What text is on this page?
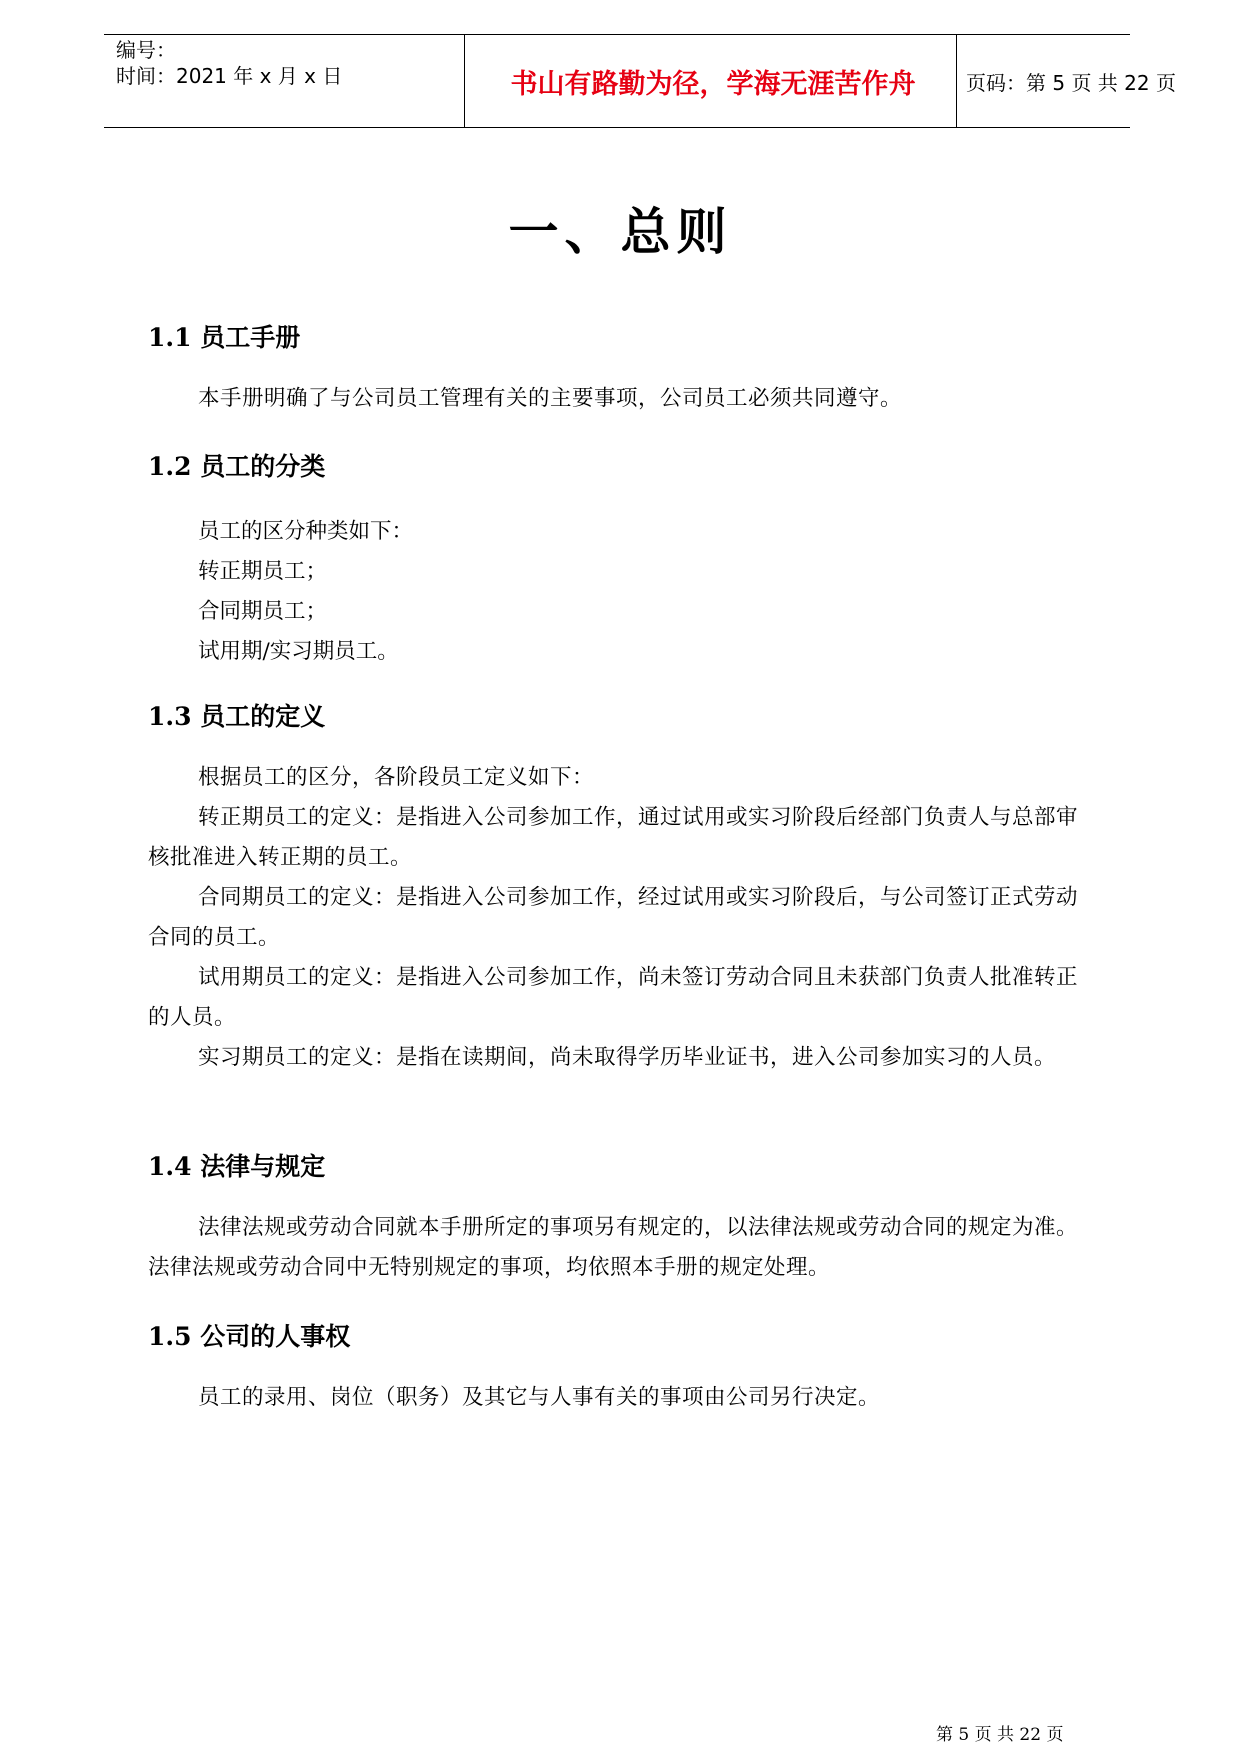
编号：
时间：2021 年 x 月 x 日	书山有路勤为径，学海无涯苦作舟	页码：第 5 页 共 22 页
一、总则
1.1 员工手册
本手册明确了与公司员工管理有关的主要事项，公司员工必须共同遵守。
1.2 员工的分类
员工的区分种类如下：
转正期员工；
合同期员工；
试用期/实习期员工。
1.3 员工的定义
根据员工的区分，各阶段员工定义如下：
转正期员工的定义：是指进入公司参加工作，通过试用或实习阶段后经部门负责人与总部审核批准进入转正期的员工。
合同期员工的定义：是指进入公司参加工作，经过试用或实习阶段后，与公司签订正式劳动合同的员工。
试用期员工的定义：是指进入公司参加工作，尚未签订劳动合同且未获部门负责人批准转正的人员。
实习期员工的定义：是指在读期间，尚未取得学历毕业证书，进入公司参加实习的人员。
1.4 法律与规定
法律法规或劳动合同就本手册所定的事项另有规定的，以法律法规或劳动合同的规定为准。法律法规或劳动合同中无特别规定的事项，均依照本手册的规定处理。
1.5 公司的人事权
员工的录用、岗位（职务）及其它与人事有关的事项由公司另行决定。
第 5 页 共 22 页
